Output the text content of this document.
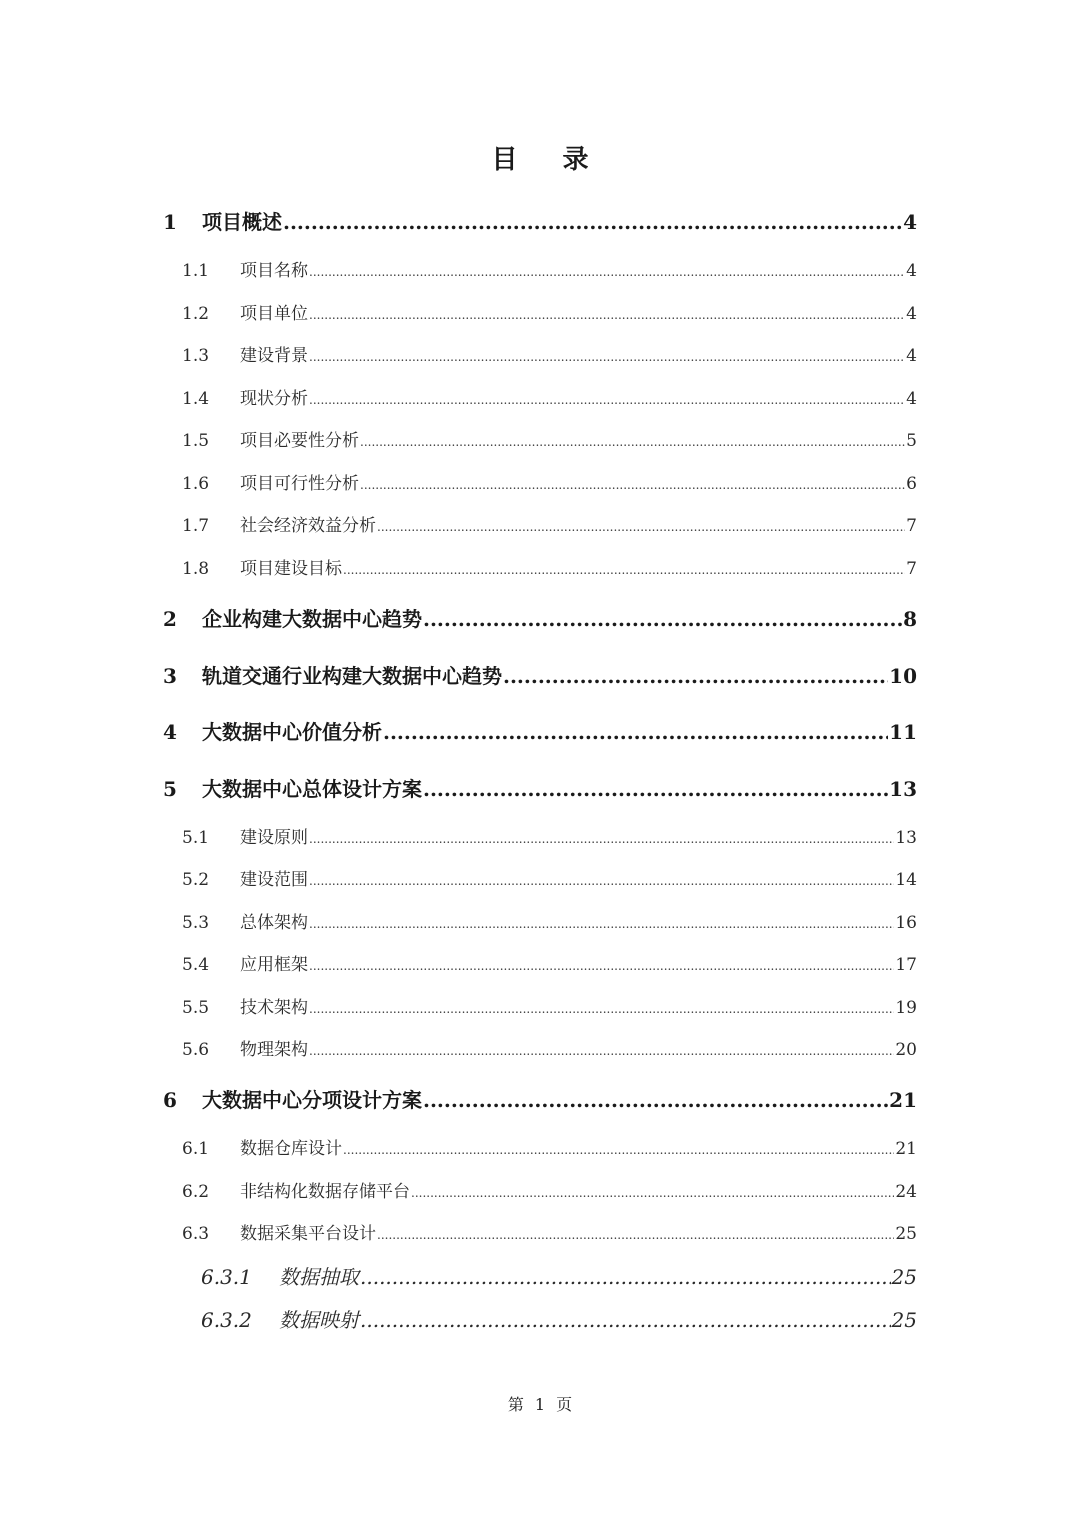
目 录
1	项目概述 .....	4
1.1	项目名称 .....	4
1.2	项目单位 .....	4
1.3	建设背景 .....	4
1.4	现状分析 .....	4
1.5	项目必要性分析 .....	5
1.6	项目可行性分析 .....	6
1.7	社会经济效益分析 .....	7
1.8	项目建设目标 .....	7
2	企业构建大数据中心趋势 .....	8
3	轨道交通行业构建大数据中心趋势 .....	10
4	大数据中心价值分析 .....	11
5	大数据中心总体设计方案 .....	13
5.1	建设原则 .....	13
5.2	建设范围 .....	14
5.3	总体架构 .....	16
5.4	应用框架 .....	17
5.5	技术架构 .....	19
5.6	物理架构 .....	20
6	大数据中心分项设计方案 .....	21
6.1	数据仓库设计 .....	21
6.2	非结构化数据存储平台 .....	24
6.3	数据采集平台设计 .....	25
6.3.1	数据抽取 .....	25
6.3.2	数据映射 .....	25
第 1 页
